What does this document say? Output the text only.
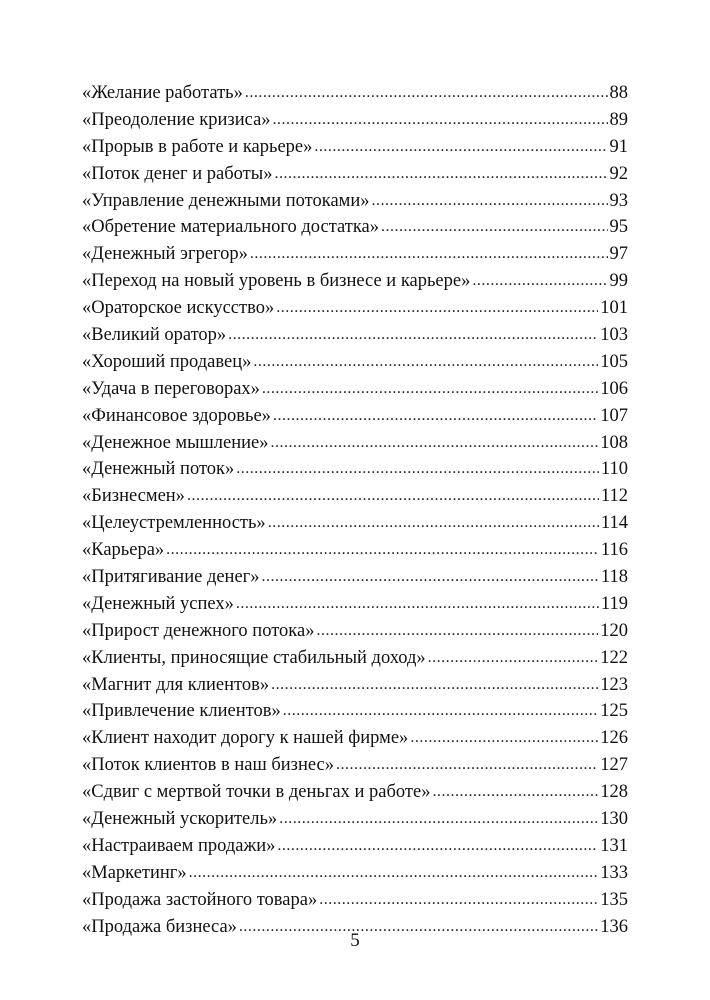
«Желание работать» .....	88
«Преодоление кризиса» .....	89
«Прорыв в работе и карьере» .....	91
«Поток денег и работы» .....	92
«Управление денежными потоками» .....	93
«Обретение материального достатка» .....	95
«Денежный эгрегор» .....	97
«Переход на новый уровень в бизнесе и карьере» .....	99
«Ораторское искусство» .....	101
«Великий оратор» .....	103
«Хороший продавец» .....	105
«Удача в переговорах» .....	106
«Финансовое здоровье» .....	107
«Денежное мышление» .....	108
«Денежный поток» .....	110
«Бизнесмен» .....	112
«Целеустремленность» .....	114
«Карьера» .....	116
«Притягивание денег» .....	118
«Денежный успех» .....	119
«Прирост денежного потока» .....	120
«Клиенты, приносящие стабильный доход» .....	122
«Магнит для клиентов» .....	123
«Привлечение клиентов» .....	125
«Клиент находит дорогу к нашей фирме» .....	126
«Поток клиентов в наш бизнес» .....	127
«Сдвиг с мертвой точки в деньгах и работе» .....	128
«Денежный ускоритель» .....	130
«Настраиваем продажи» .....	131
«Маркетинг» .....	133
«Продажа застойного товара» .....	135
«Продажа бизнеса» .....	136
5
